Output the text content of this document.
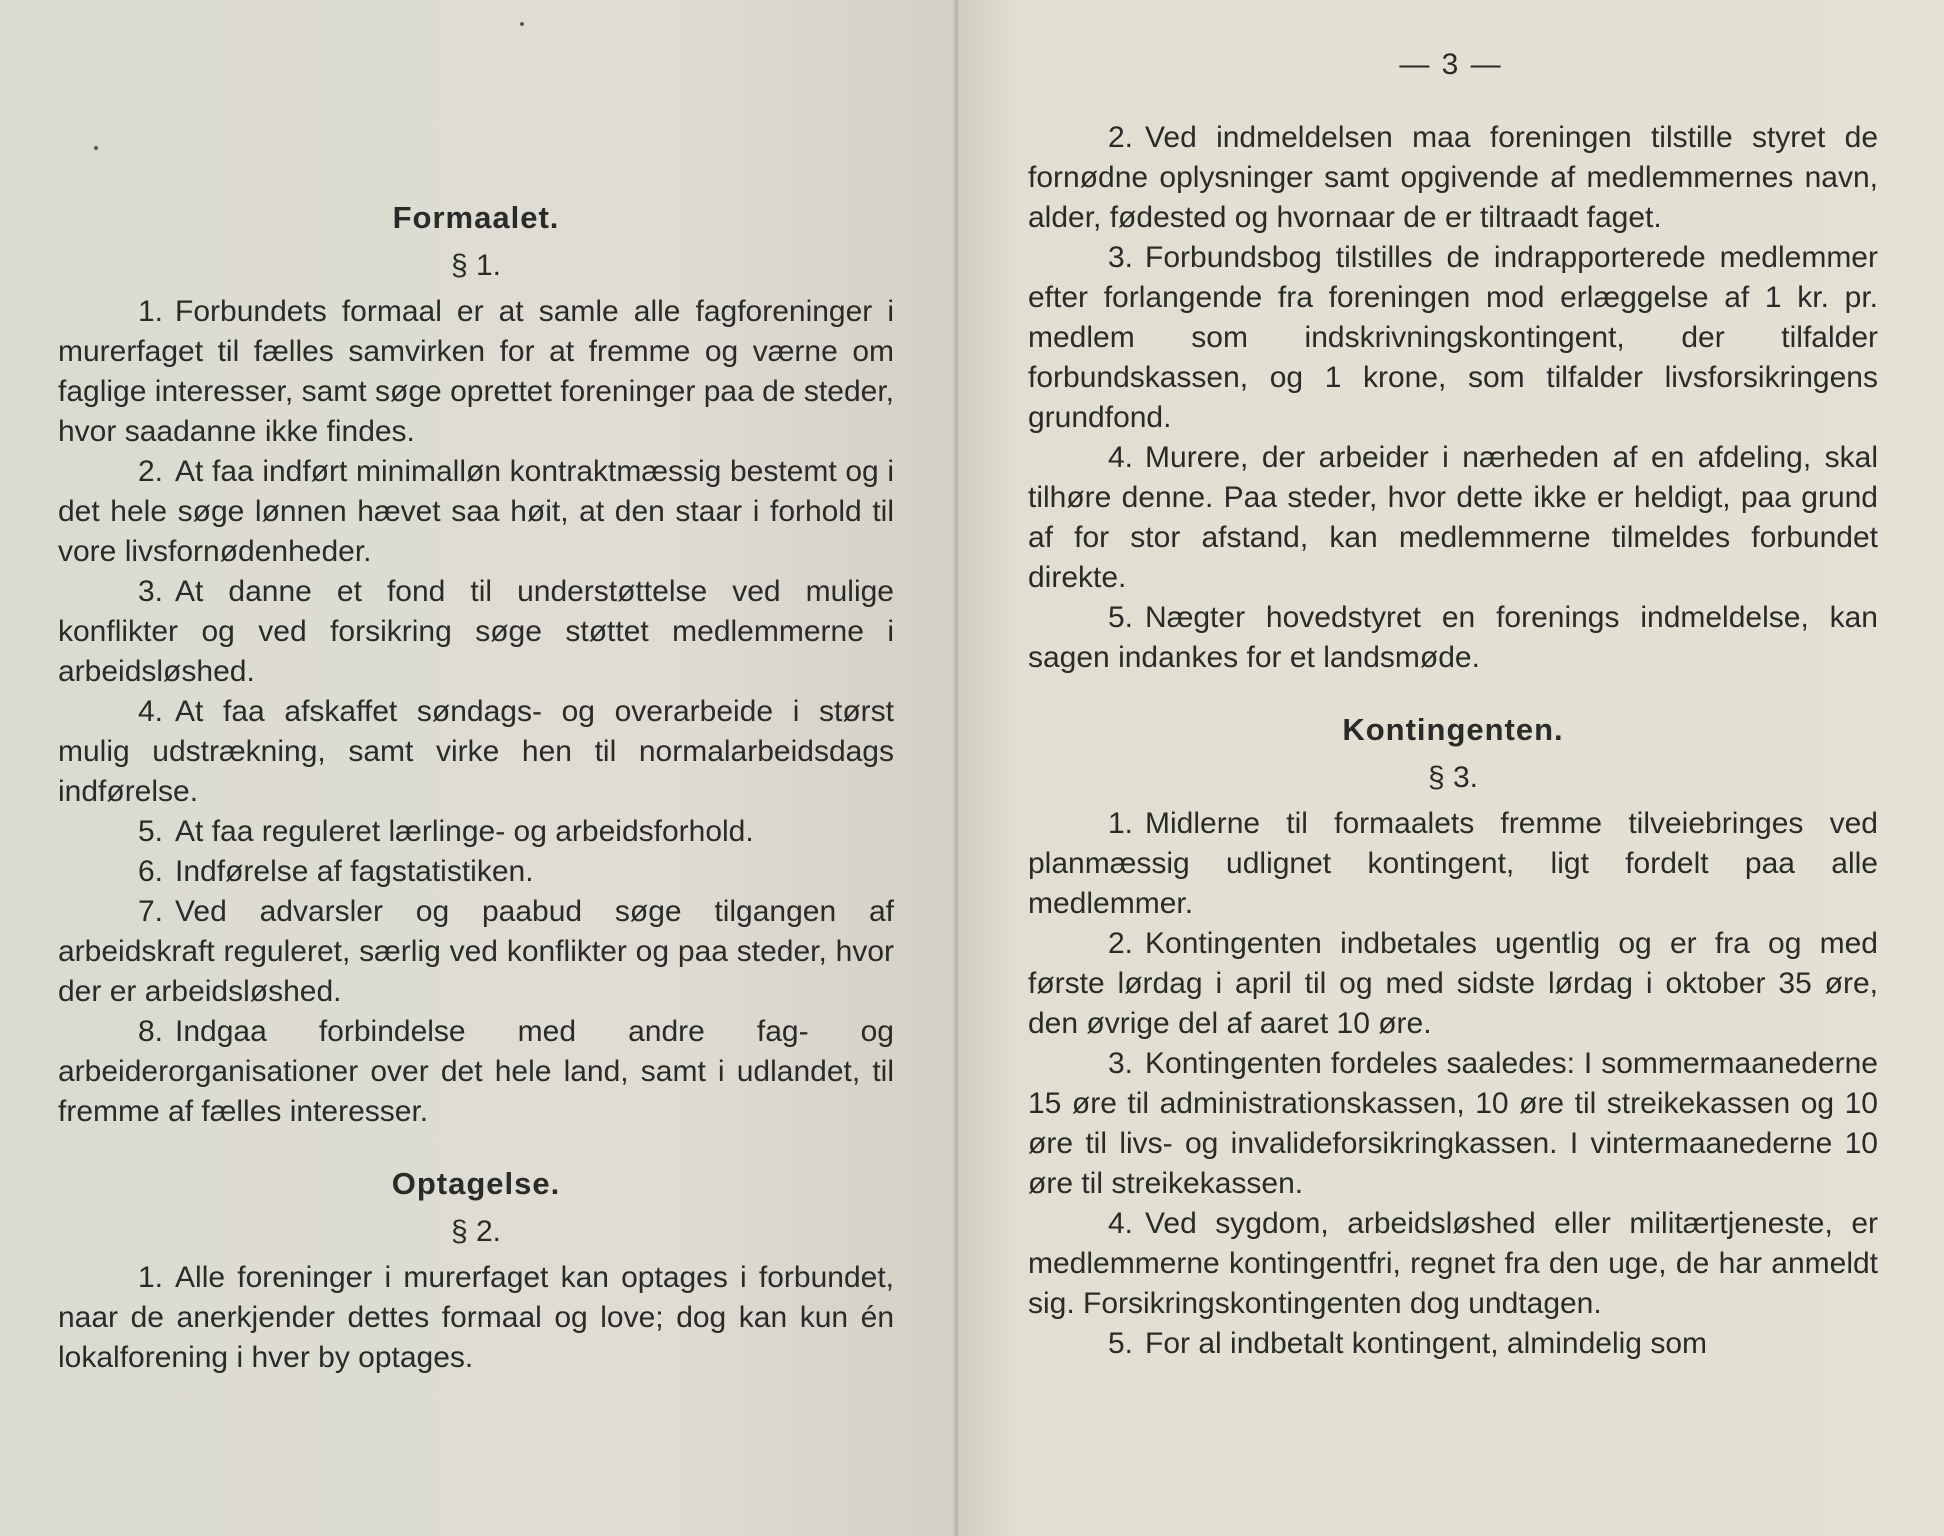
Formaalet.
§ 1.

1. Forbundets formaal er at samle alle fagforeninger i murerfaget til fælles samvirken for at fremme og værne om faglige interesser, samt søge oprettet foreninger paa de steder, hvor saadanne ikke findes.

2. At faa indført minimalløn kontraktmæssig bestemt og i det hele søge lønnen hævet saa høit, at den staar i forhold til vore livsfornødenheder.

3. At danne et fond til understøttelse ved mulige konflikter og ved forsikring søge støttet medlemmerne i arbeidsløshed.

4. At faa afskaffet søndags- og overarbeide i størst mulig udstrækning, samt virke hen til normalarbeidsdags indførelse.

5. At faa reguleret lærlinge- og arbeidsforhold.

6. Indførelse af fagstatistiken.

7. Ved advarsler og paabud søge tilgangen af arbeidskraft reguleret, særlig ved konflikter og paa steder, hvor der er arbeidsløshed.

8. Indgaa forbindelse med andre fag- og arbeiderorganisationer over det hele land, samt i udlandet, til fremme af fælles interesser.

Optagelse.
§ 2.

1. Alle foreninger i murerfaget kan optages i forbundet, naar de anerkjender dettes formaal og love; dog kan kun én lokalforening i hver by optages.

— 3 —

2. Ved indmeldelsen maa foreningen tilstille styret de fornødne oplysninger samt opgivende af medlemmernes navn, alder, fødested og hvornaar de er tiltraadt faget.

3. Forbundsbog tilstilles de indrapporterede medlemmer efter forlangende fra foreningen mod erlæggelse af 1 kr. pr. medlem som indskrivningskontingent, der tilfalder forbundskassen, og 1 krone, som tilfalder livsforsikringens grundfond.

4. Murere, der arbeider i nærheden af en afdeling, skal tilhøre denne. Paa steder, hvor dette ikke er heldigt, paa grund af for stor afstand, kan medlemmerne tilmeldes forbundet direkte.

5. Nægter hovedstyret en forenings indmeldelse, kan sagen indankes for et landsmøde.

Kontingenten.
§ 3.

1. Midlerne til formaalets fremme tilveiebringes ved planmæssig udlignet kontingent, ligt fordelt paa alle medlemmer.

2. Kontingenten indbetales ugentlig og er fra og med første lørdag i april til og med sidste lørdag i oktober 35 øre, den øvrige del af aaret 10 øre.

3. Kontingenten fordeles saaledes: I sommermaanederne 15 øre til administrationskassen, 10 øre til streikekassen og 10 øre til livs- og invalideforsikringkassen. I vintermaanederne 10 øre til streikekassen.

4. Ved sygdom, arbeidsløshed eller militærtjeneste, er medlemmerne kontingentfri, regnet fra den uge, de har anmeldt sig. Forsikringskontingenten dog undtagen.

5. For al indbetalt kontingent, almindelig som
